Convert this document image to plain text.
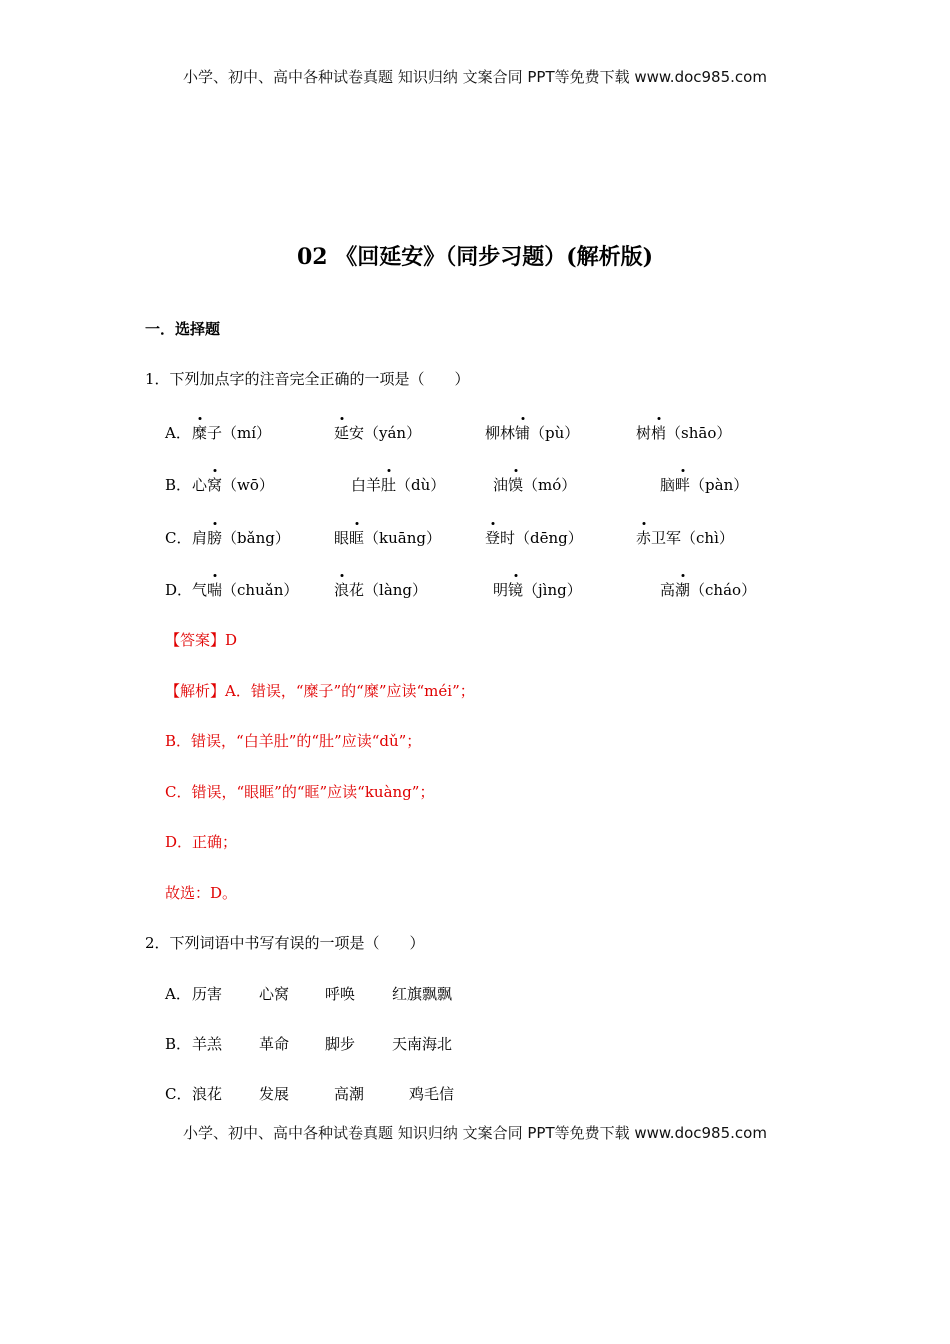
小学、初中、高中各种试卷真题 知识归纳 文案合同 PPT等免费下载 www.doc985.com
02 《回延安》（同步习题）(解析版)
一．选择题
1．下列加点字的注音完全正确的一项是（　　）
A． 糜子（mí）	延安（yán）	柳林铺（pù）	树梢（shāo）
B． 心窝（wō）	白羊肚（dù）	油馍（mó）	脑畔（pàn）
C． 肩膀（bǎng）	眼眶（kuāng）	登时（dēng）	赤卫军（chì）
D． 气喘（chuǎn） 浪花（làng）	明镜（jìng）	高潮（cháo）
【答案】D
【解析】A．错误，“糜子”的“糜”应读“méi”；
B．错误，“白羊肚”的“肚”应读“dǔ”；
C．错误，“眼眶”的“眶”应读“kuàng”；
D．正确；
故选：D。
2．下列词语中书写有误的一项是（　　）
A． 历害 心窝 呼唤 红旗飘飘
B． 羊羔 革命 脚步 天南海北
C． 浪花 发展	高潮	鸡毛信
小学、初中、高中各种试卷真题 知识归纳 文案合同 PPT等免费下载 www.doc985.com
